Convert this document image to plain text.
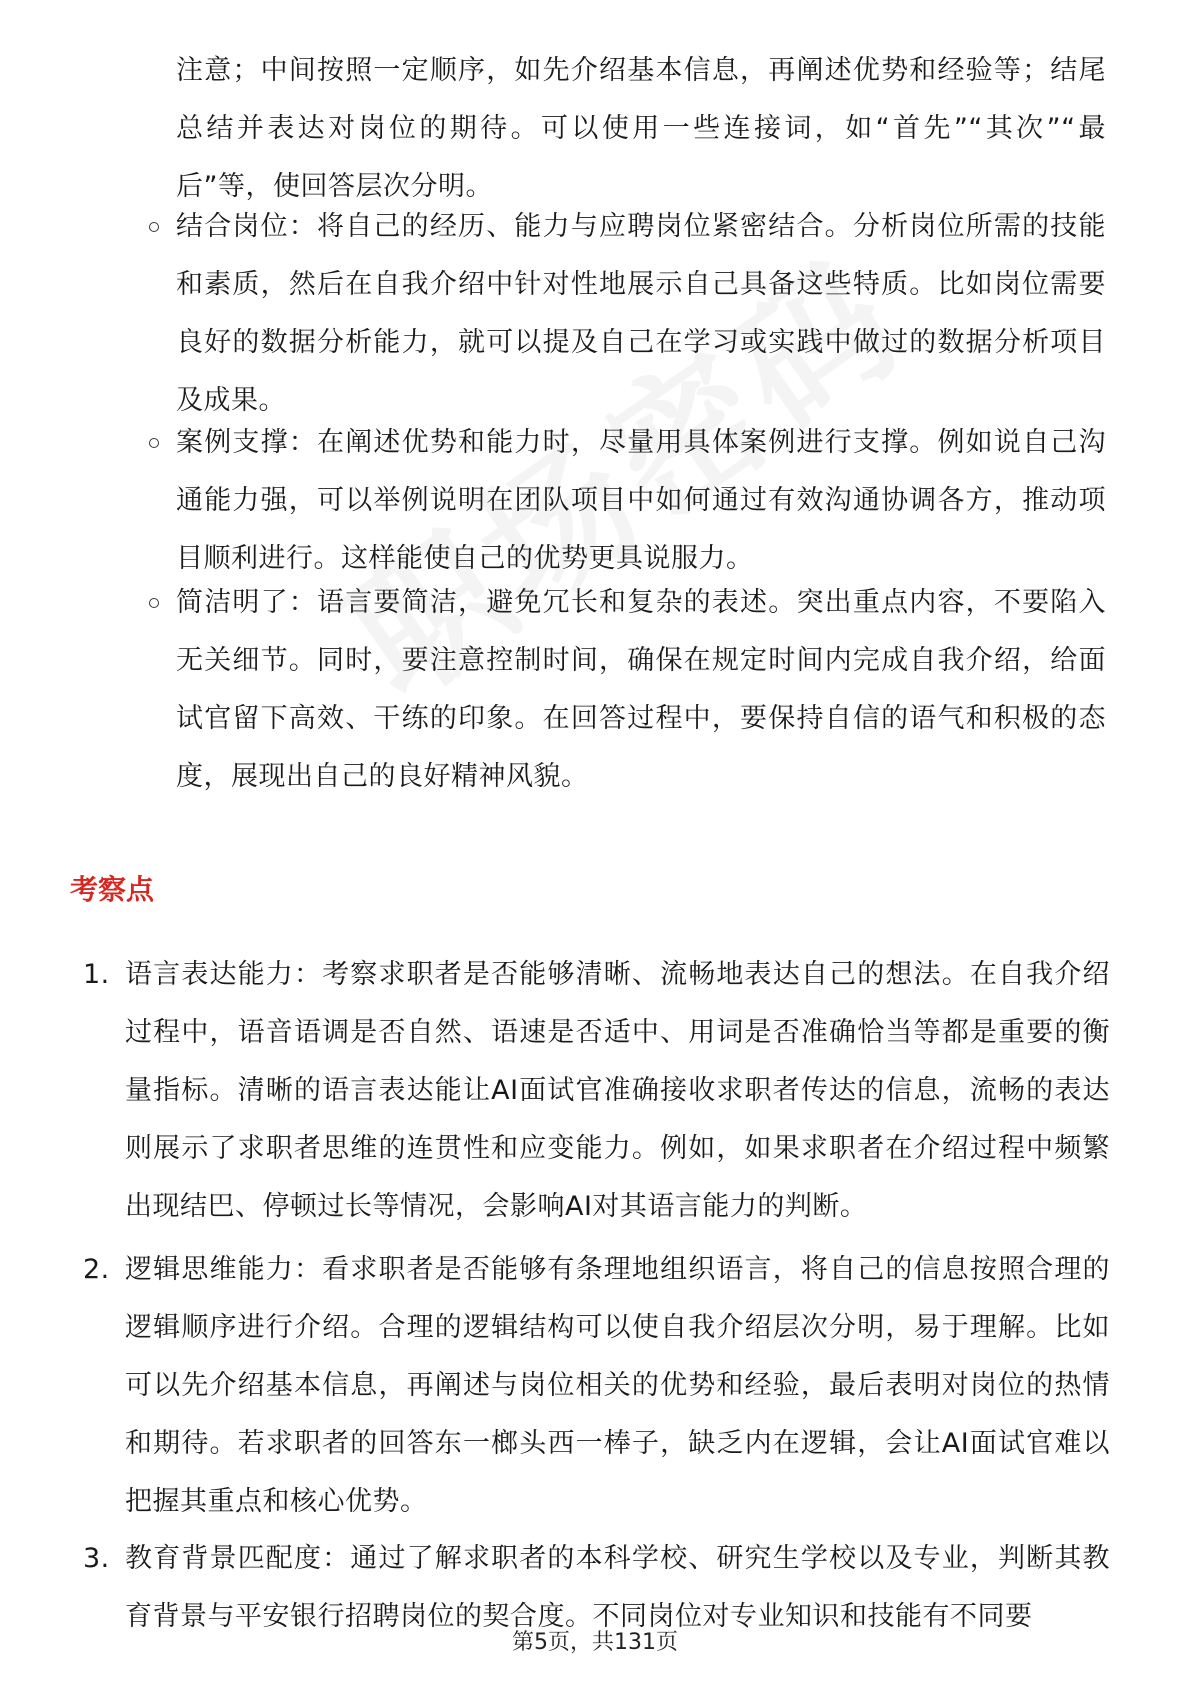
注意；中间按照一定顺序，如先介绍基本信息，再阐述优势和经验等；结尾总结并表达对岗位的期待。可以使用一些连接词，如“首先”“其次”“最后”等，使回答层次分明。

结合岗位：将自己的经历、能力与应聘岗位紧密结合。分析岗位所需的技能和素质，然后在自我介绍中针对性地展示自己具备这些特质。比如岗位需要良好的数据分析能力，就可以提及自己在学习或实践中做过的数据分析项目及成果。
案例支撑：在阐述优势和能力时，尽量用具体案例进行支撑。例如说自己沟通能力强，可以举例说明在团队项目中如何通过有效沟通协调各方，推动项目顺利进行。这样能使自己的优势更具说服力。
简洁明了：语言要简洁，避免冗长和复杂的表述。突出重点内容，不要陷入无关细节。同时，要注意控制时间，确保在规定时间内完成自我介绍，给面试官留下高效、干练的印象。在回答过程中，要保持自信的语气和积极的态度，展现出自己的良好精神风貌。
考察点
1. 语言表达能力：考察求职者是否能够清晰、流畅地表达自己的想法。在自我介绍过程中，语音语调是否自然、语速是否适中、用词是否准确恰当等都是重要的衡量指标。清晰的语言表达能让AI面试官准确接收求职者传达的信息，流畅的表达则展示了求职者思维的连贯性和应变能力。例如，如果求职者在介绍过程中频繁出现结巴、停顿过长等情况，会影响AI对其语言能力的判断。
2. 逻辑思维能力：看求职者是否能够有条理地组织语言，将自己的信息按照合理的逻辑顺序进行介绍。合理的逻辑结构可以使自我介绍层次分明，易于理解。比如可以先介绍基本信息，再阐述与岗位相关的优势和经验，最后表明对岗位的热情和期待。若求职者的回答东一榔头西一棒子，缺乏内在逻辑，会让AI面试官难以把握其重点和核心优势。
3. 教育背景匹配度：通过了解求职者的本科学校、研究生学校以及专业，判断其教育背景与平安银行招聘岗位的契合度。不同岗位对专业知识和技能有不同要
第5页，共131页
